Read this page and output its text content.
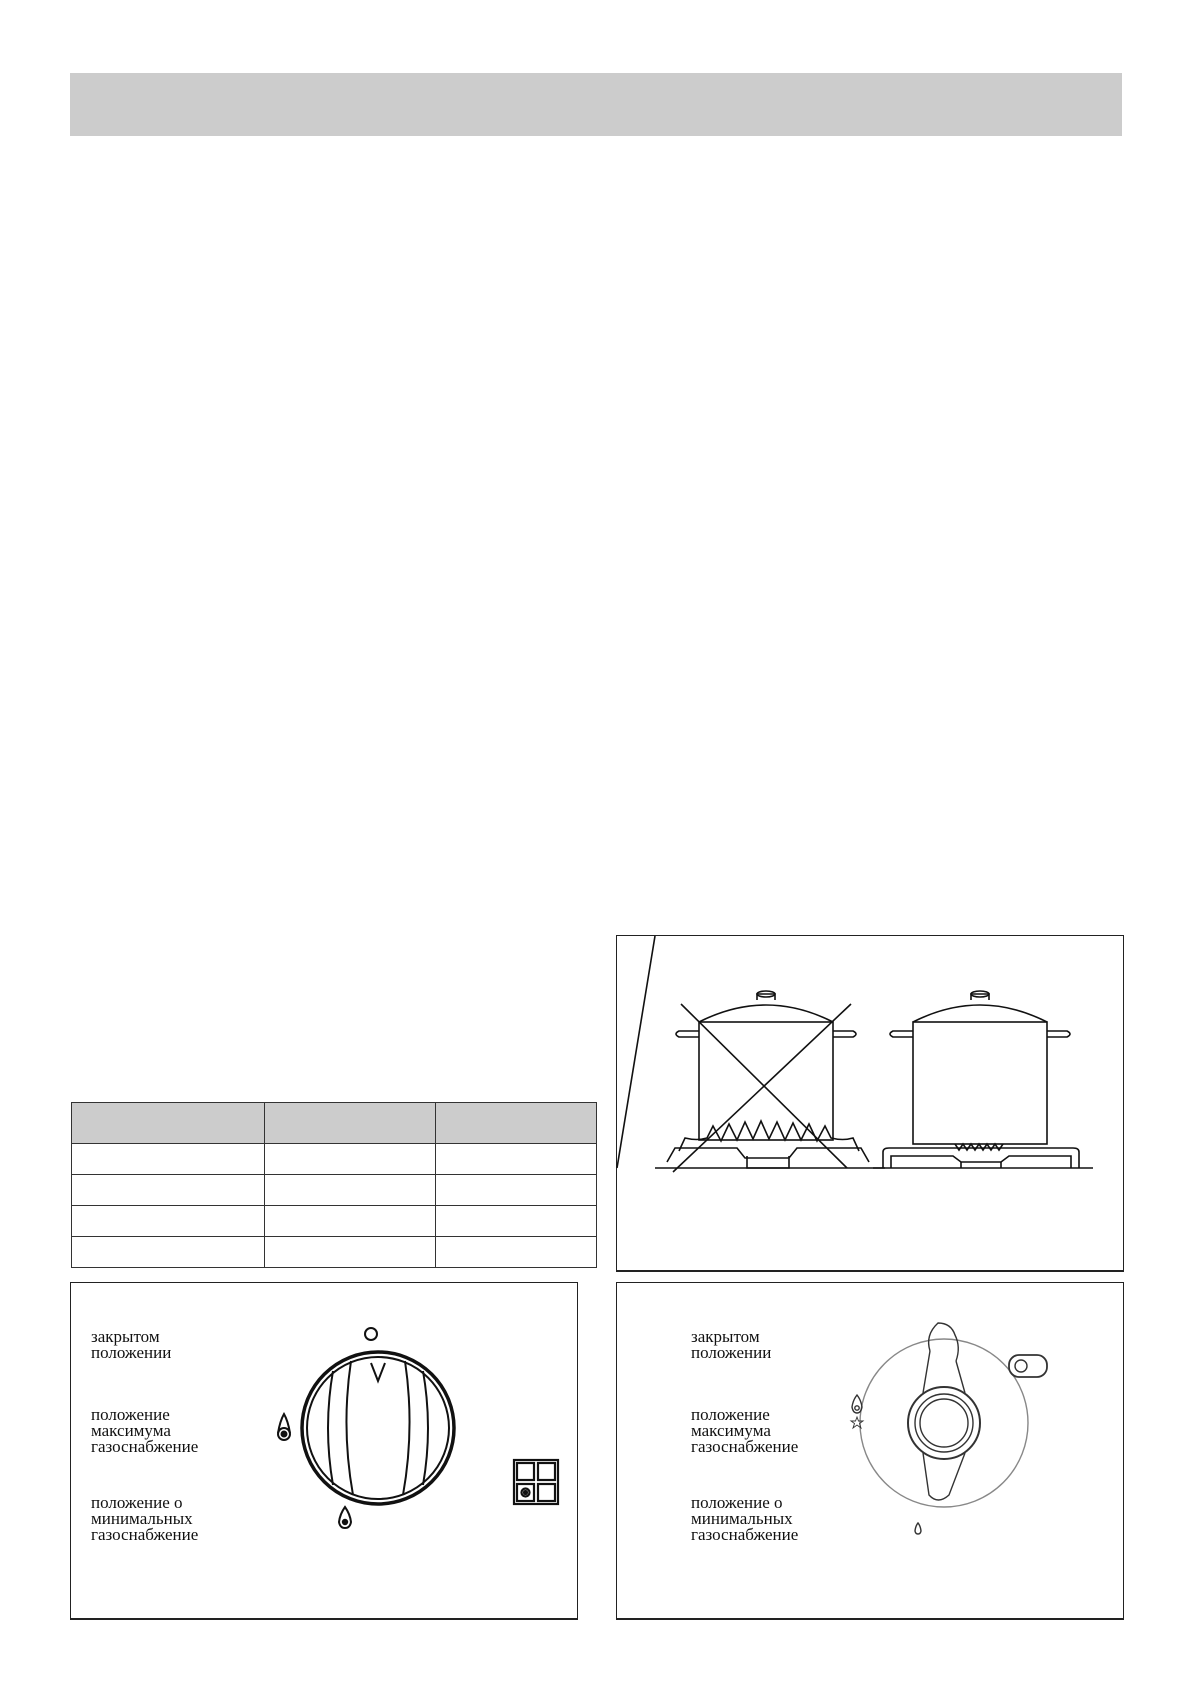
закрытом
положении
положение
максимума
газоснабжение
положение о
минимальных
газоснабжение
закрытом
положении
положение
максимума
газоснабжение
положение о
минимальных
газоснабжение
